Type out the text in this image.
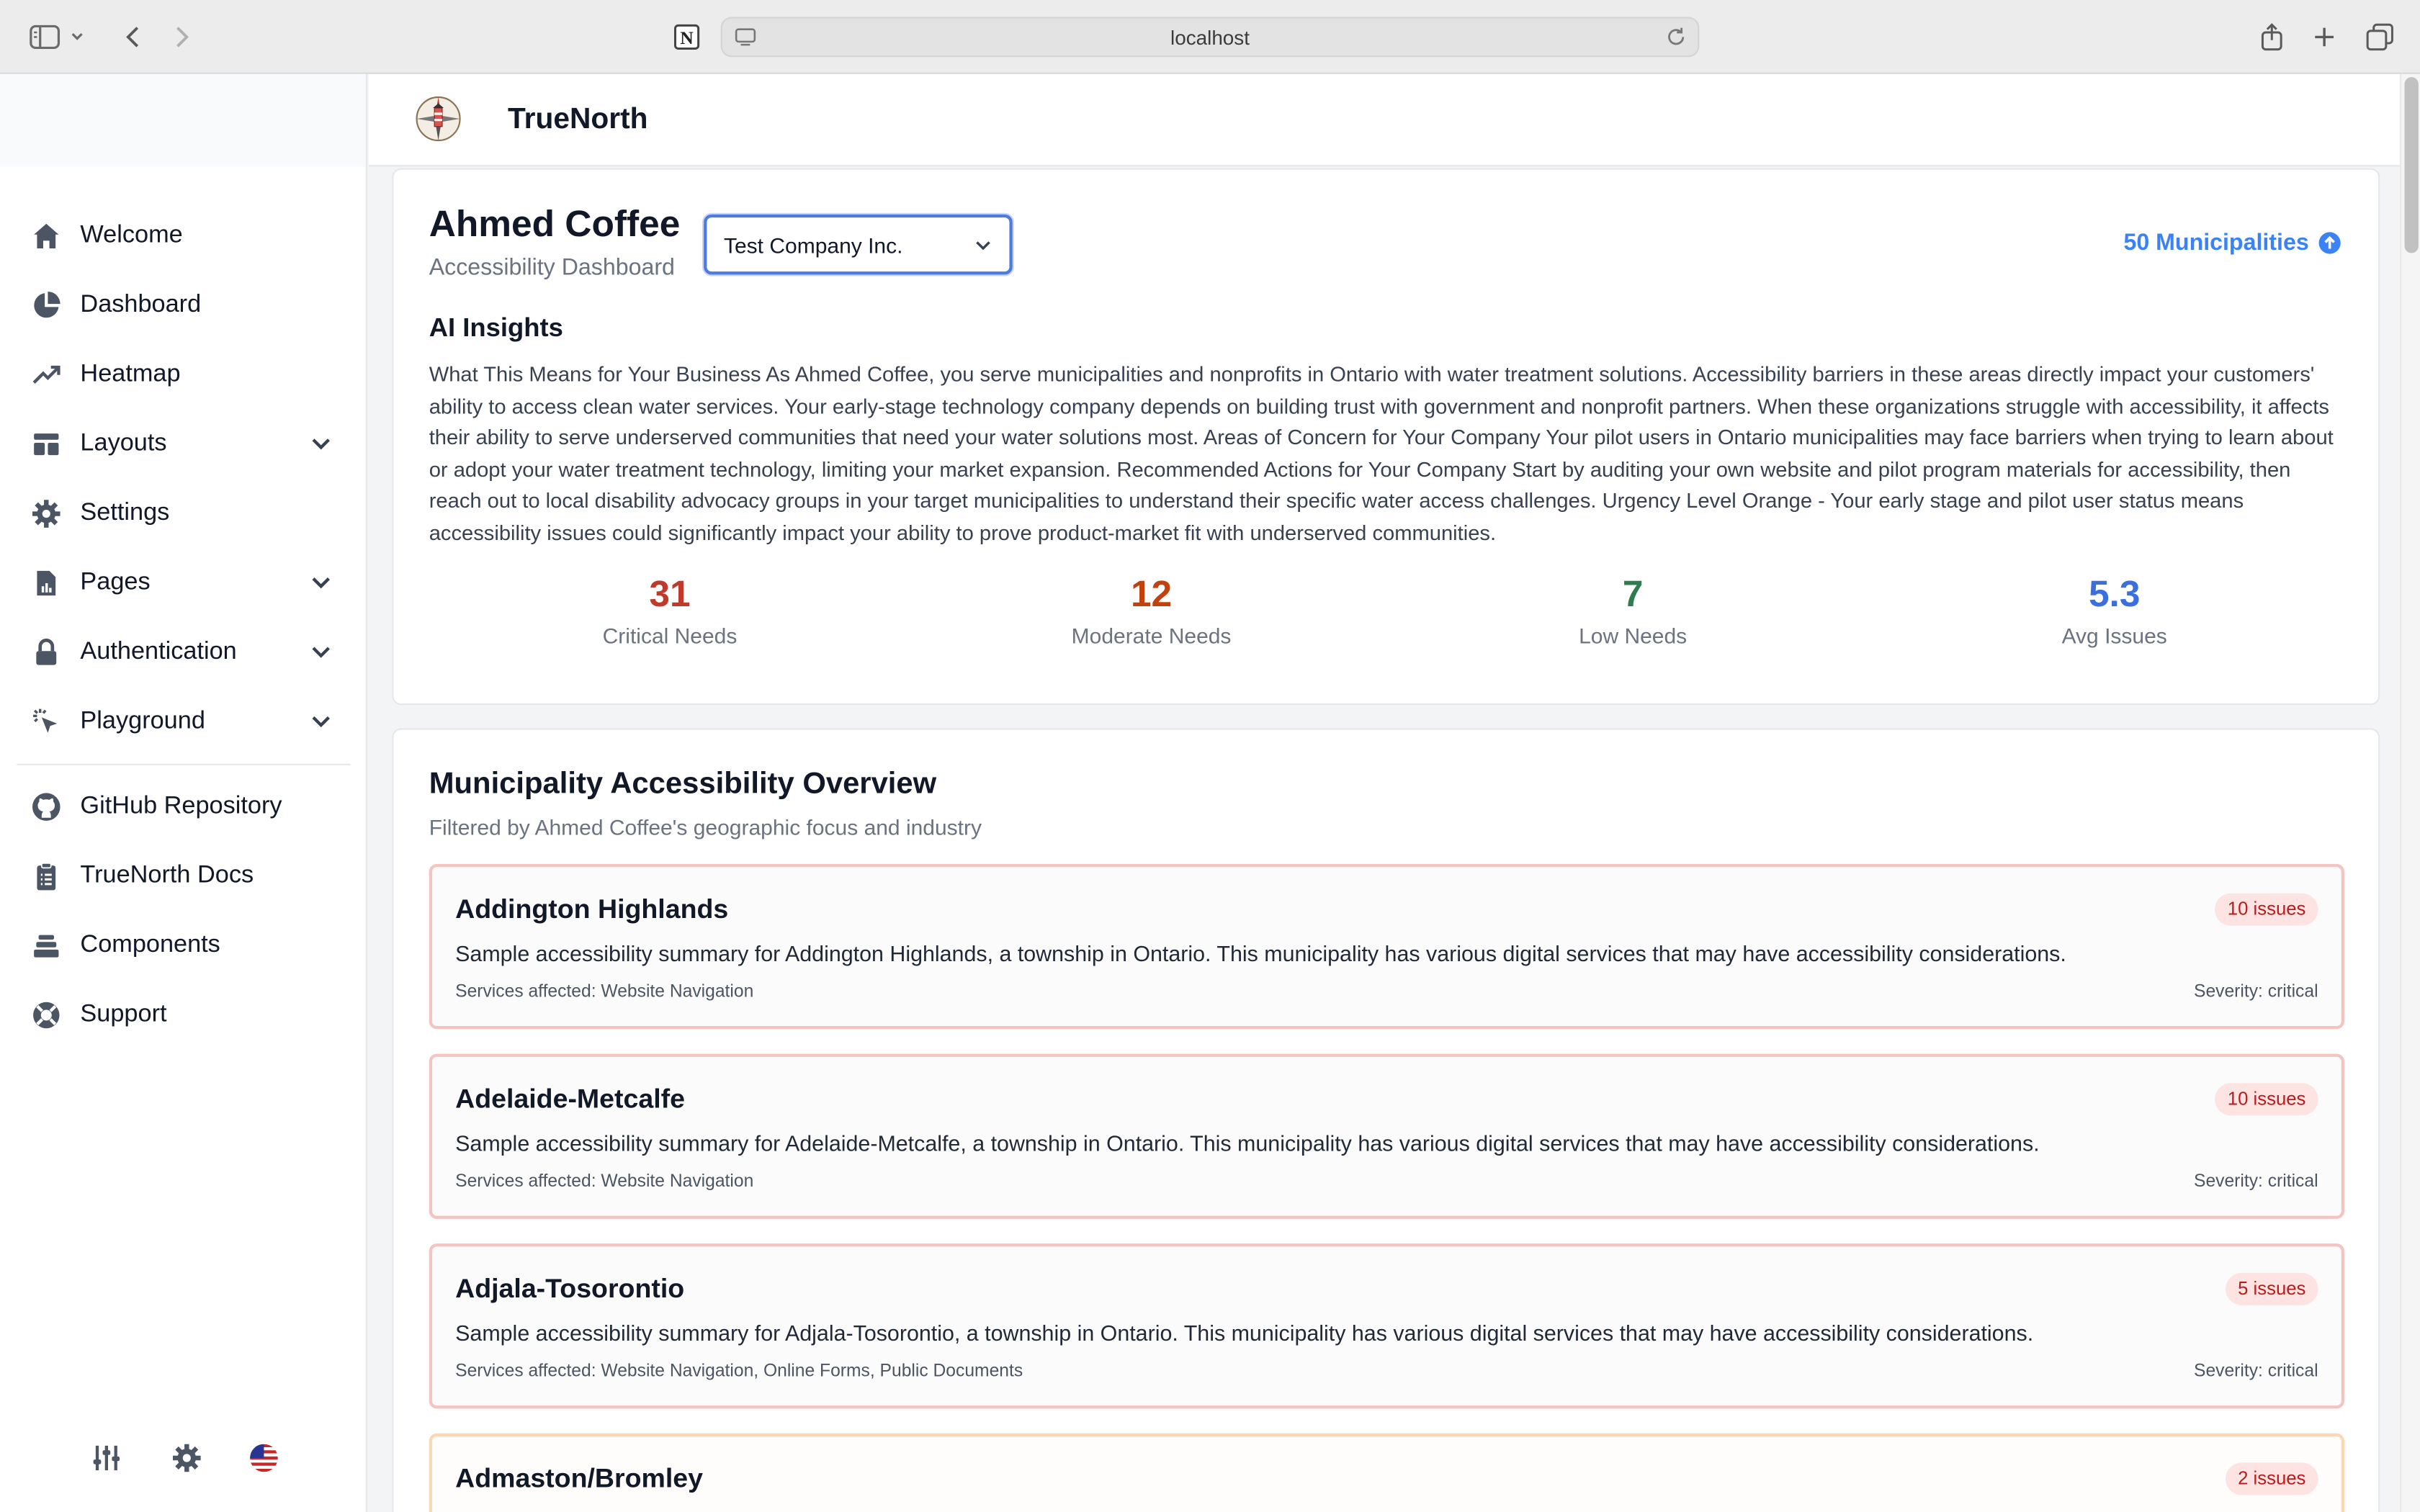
N	localhost
Welcome
Dashboard
Heatmap
Layouts
Settings
Pages
Authentication
Playground
GitHub Repository
TrueNorth Docs
Components
Support
TrueNorth
Ahmed Coffee
Accessibility Dashboard
Test Company Inc.	50 Municipalities
AI Insights
What This Means for Your Business As Ahmed Coffee, you serve municipalities and nonprofits in Ontario with water treatment solutions. Accessibility barriers in these areas directly impact your customers' ability to access clean water services. Your early-stage technology company depends on building trust with government and nonprofit partners. When these organizations struggle with accessibility, it affects their ability to serve underserved communities that need your water solutions most. Areas of Concern for Your Company Your pilot users in Ontario municipalities may face barriers when trying to learn about or adopt your water treatment technology, limiting your market expansion. Recommended Actions for Your Company Start by auditing your own website and pilot program materials for accessibility, then reach out to local disability advocacy groups in your target municipalities to understand their specific water access challenges. Urgency Level Orange - Your early stage and pilot user status means accessibility issues could significantly impact your ability to prove product-market fit with underserved communities.
31
Critical Needs
12
Moderate Needs
7
Low Needs
5.3
Avg Issues
Municipality Accessibility Overview
Filtered by Ahmed Coffee's geographic focus and industry
Addington Highlands	10 issues
Sample accessibility summary for Addington Highlands, a township in Ontario. This municipality has various digital services that may have accessibility considerations.
Services affected: Website Navigation	Severity: critical
Adelaide-Metcalfe	10 issues
Sample accessibility summary for Adelaide-Metcalfe, a township in Ontario. This municipality has various digital services that may have accessibility considerations.
Services affected: Website Navigation	Severity: critical
Adjala-Tosorontio	5 issues
Sample accessibility summary for Adjala-Tosorontio, a township in Ontario. This municipality has various digital services that may have accessibility considerations.
Services affected: Website Navigation, Online Forms, Public Documents	Severity: critical
Admaston/Bromley	2 issues
